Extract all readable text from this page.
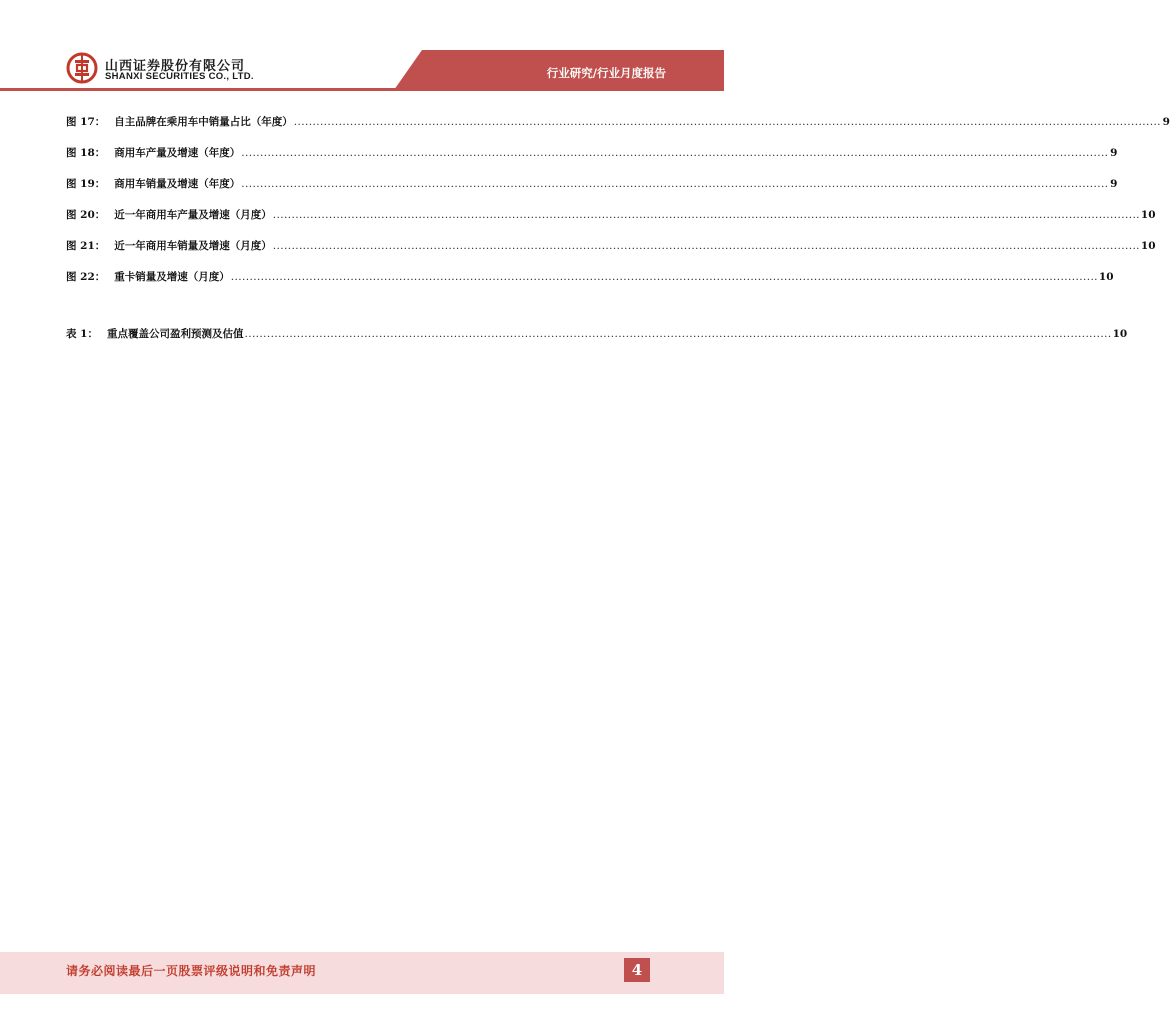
山西证券股份有限公司
SHANXI SECURITIES CO., LTD.	行业研究/行业月度报告
图 17： 自主品牌在乘用车中销量占比（年度） ........................................................................................................................................................................................................................................ 9
图 18： 商用车产量及增速（年度） ........................................................................................................................................................................................................................................ 9
图 19： 商用车销量及增速（年度） ........................................................................................................................................................................................................................................ 9
图 20： 近一年商用车产量及增速（月度） ........................................................................................................................................................................................................................................ 10
图 21： 近一年商用车销量及增速（月度） ........................................................................................................................................................................................................................................ 10
图 22： 重卡销量及增速（月度） ........................................................................................................................................................................................................................................ 10
表 1： 重点覆盖公司盈利预测及估值 ........................................................................................................................................................................................................................................ 10
请务必阅读最后一页股票评级说明和免责声明	4
